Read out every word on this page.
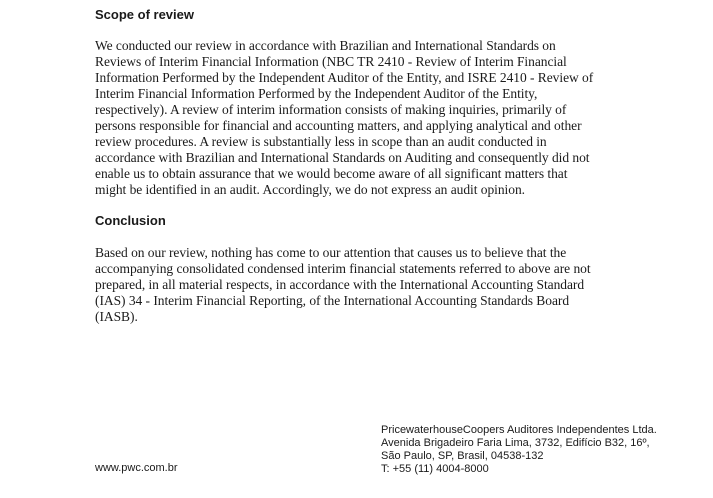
Scope of review
We conducted our review in accordance with Brazilian and International Standards on
Reviews of Interim Financial Information (NBC TR 2410 - Review of Interim Financial
Information Performed by the Independent Auditor of the Entity, and ISRE 2410 - Review of
Interim Financial Information Performed by the Independent Auditor of the Entity,
respectively). A review of interim information consists of making inquiries, primarily of
persons responsible for financial and accounting matters, and applying analytical and other
review procedures. A review is substantially less in scope than an audit conducted in
accordance with Brazilian and International Standards on Auditing and consequently did not
enable us to obtain assurance that we would become aware of all significant matters that
might be identified in an audit. Accordingly, we do not express an audit opinion.
Conclusion
Based on our review, nothing has come to our attention that causes us to believe that the
accompanying consolidated condensed interim financial statements referred to above are not
prepared, in all material respects, in accordance with the International Accounting Standard
(IAS) 34 - Interim Financial Reporting, of the International Accounting Standards Board
(IASB).

www.pwc.com.br

PricewaterhouseCoopers Auditores Independentes Ltda.
Avenida Brigadeiro Faria Lima, 3732, Edifício B32, 16º,
São Paulo, SP, Brasil, 04538-132
T: +55 (11) 4004-8000
